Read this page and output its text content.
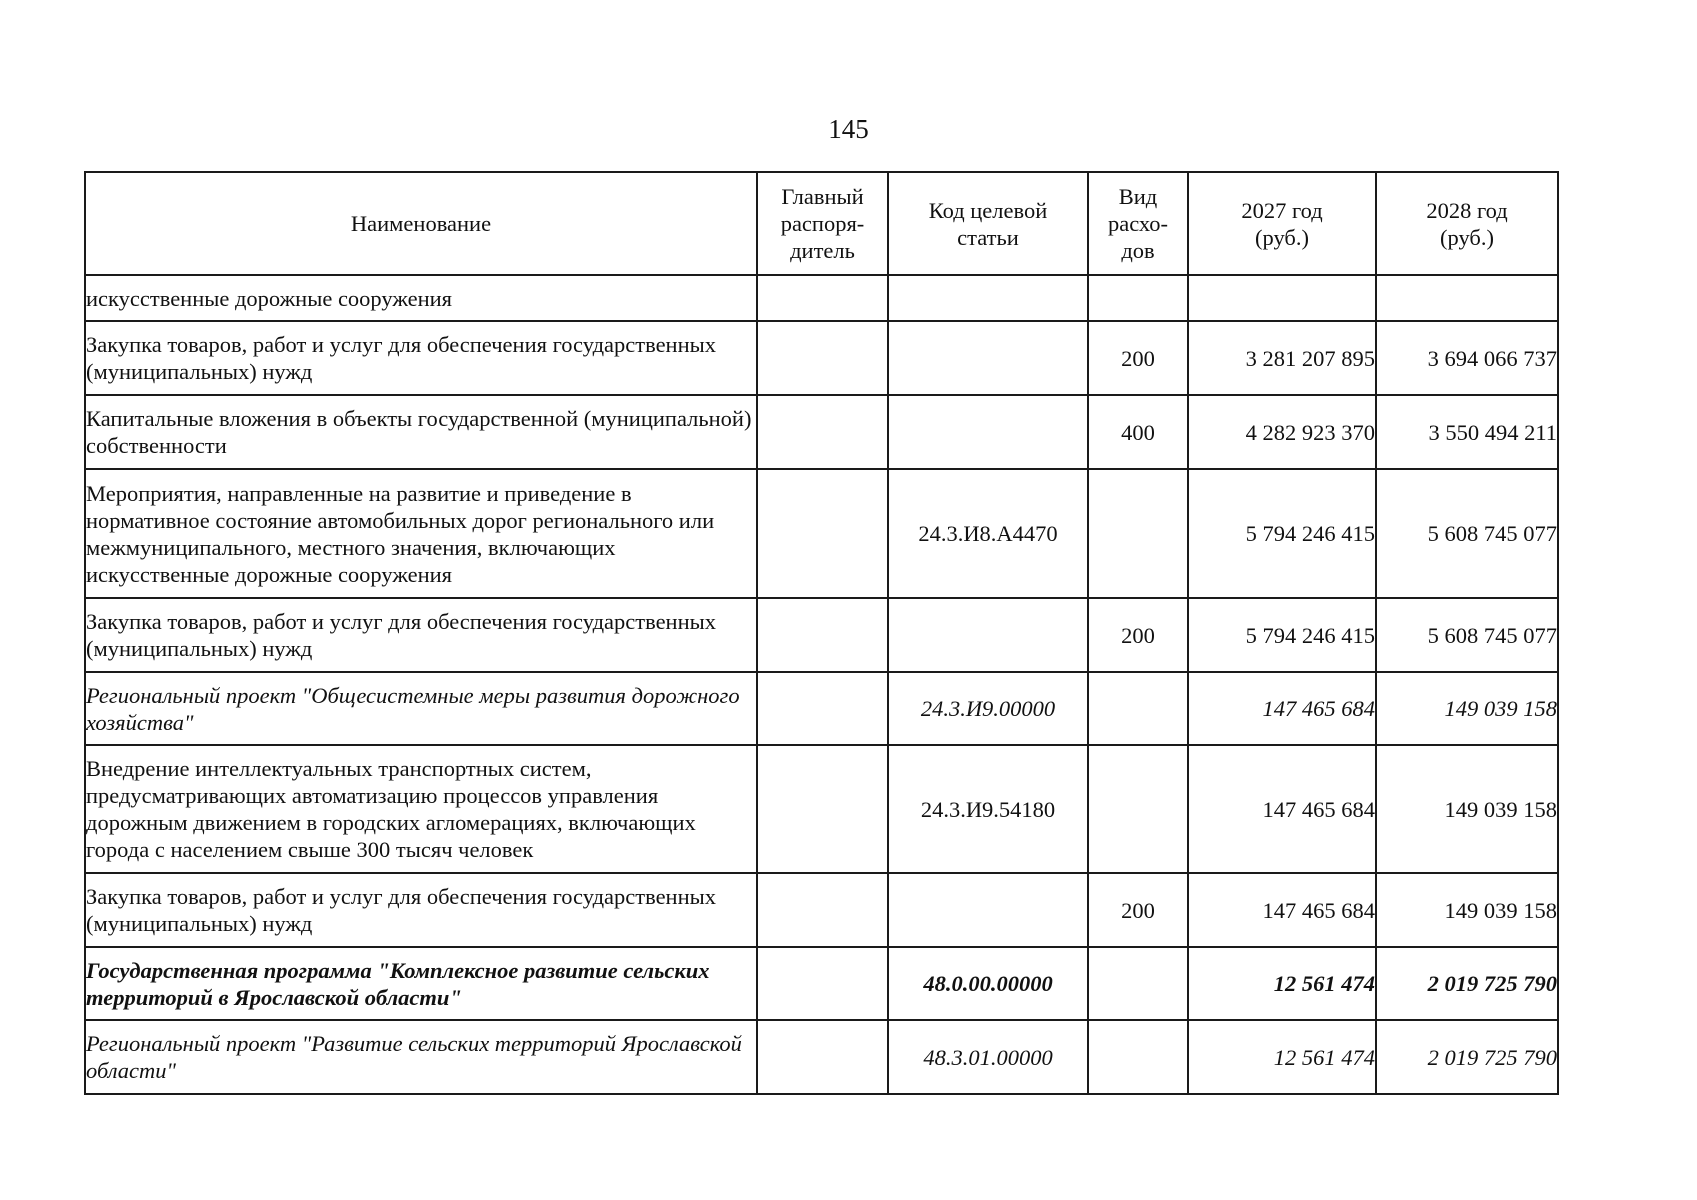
145
Наименование	Главный распоря-дитель	Код целевой статьи	Вид расхо-дов	2027 год (руб.)	2028 год (руб.)
искусственные дорожные сооружения					
Закупка товаров, работ и услуг для обеспечения государственных (муниципальных) нужд			200	3 281 207 895	3 694 066 737
Капитальные вложения в объекты государственной (муниципальной) собственности			400	4 282 923 370	3 550 494 211
Мероприятия, направленные на развитие и приведение в нормативное состояние автомобильных дорог регионального или межмуниципального, местного значения, включающих искусственные дорожные сооружения		24.3.И8.А4470		5 794 246 415	5 608 745 077
Закупка товаров, работ и услуг для обеспечения государственных (муниципальных) нужд			200	5 794 246 415	5 608 745 077
Региональный проект "Общесистемные меры развития дорожного хозяйства"		24.3.И9.00000		147 465 684	149 039 158
Внедрение интеллектуальных транспортных систем, предусматривающих автоматизацию процессов управления дорожным движением в городских агломерациях, включающих города с населением свыше 300 тысяч человек		24.3.И9.54180		147 465 684	149 039 158
Закупка товаров, работ и услуг для обеспечения государственных (муниципальных) нужд			200	147 465 684	149 039 158
Государственная программа "Комплексное развитие сельских территорий в Ярославской области"		48.0.00.00000		12 561 474	2 019 725 790
Региональный проект "Развитие сельских территорий Ярославской области"		48.3.01.00000		12 561 474	2 019 725 790
